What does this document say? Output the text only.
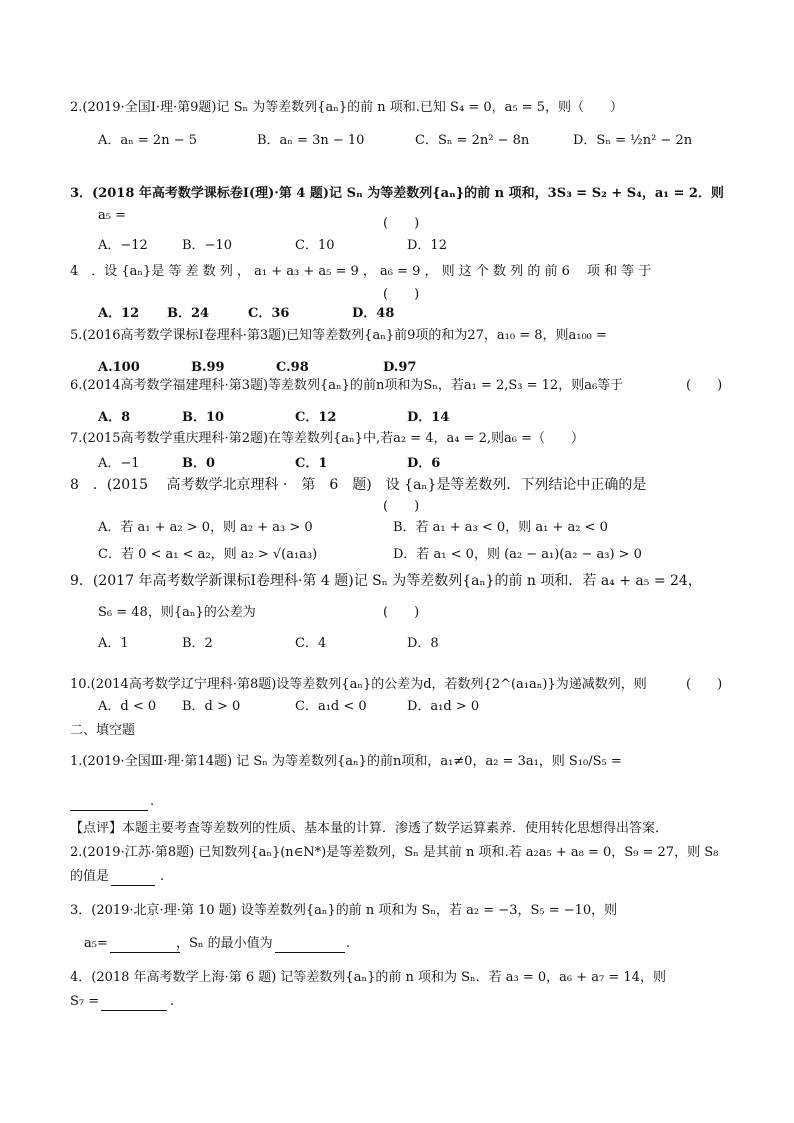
2.(2019·全国Ⅰ·理·第9题)记 Sₙ 为等差数列{aₙ}的前 n 项和.已知 S₄ = 0，a₅ = 5，则（　　）
A．aₙ = 2n − 5	B．aₙ = 3n − 10	C．Sₙ = 2n² − 8n	D．Sₙ = ½n² − 2n
3．(2018 年高考数学课标卷Ⅰ(理)·第 4 题)记 Sₙ 为等差数列{aₙ}的前 n 项和，3S₃ = S₂ + S₄，a₁ = 2．则
a₅ =
(　　)
A．−12	B．−10	C．10	D．12
4　．设 {aₙ}是 等 差 数 列 ， a₁ + a₃ + a₅ = 9 ， a₆ = 9 ， 则 这 个 数 列 的 前 6　 项 和 等 于
(　　)
A．12 B．24	C．36	D．48
5.(2016高考数学课标Ⅰ卷理科·第3题)已知等差数列{aₙ}前9项的和为27，a₁₀ = 8，则a₁₀₀ =
A.100	B.99	C.98	D.97
6.(2014高考数学福建理科·第3题)等差数列{aₙ}的前n项和为Sₙ，若a₁ = 2,S₃ = 12，则a₆等于	(　　)
A．8	B．10	C．12	D．14
7.(2015高考数学重庆理科·第2题)在等差数列{aₙ}中,若a₂ = 4，a₄ = 2,则a₆ =（　　）
A．−1	B．0	C．1	D．6
8　．(2015　 高考数学北京理科 ·　第　6　题)　设 {aₙ}是等差数列．下列结论中正确的是
(　　)
A．若 a₁ + a₂ > 0，则 a₂ + a₃ > 0	B．若 a₁ + a₃ < 0，则 a₁ + a₂ < 0
C．若 0 < a₁ < a₂，则 a₂ > √(a₁a₃)	D．若 a₁ < 0，则 (a₂ − a₁)(a₂ − a₃) > 0
9．(2017 年高考数学新课标Ⅰ卷理科·第 4 题)记 Sₙ 为等差数列{aₙ}的前 n 项和．若 a₄ + a₅ = 24，
S₆ = 48，则{aₙ}的公差为	(　　)
A．1	B．2	C．4	D．8
10.(2014高考数学辽宁理科·第8题)设等差数列{aₙ}的公差为d，若数列{2^(a₁aₙ)}为递减数列，则	(　　)
A．d < 0 B．d > 0	C．a₁d < 0	D．a₁d > 0
二、填空题
1.(2019·全国Ⅲ·理·第14题) 记 Sₙ 为等差数列{aₙ}的前n项和，a₁≠0，a₂ = 3a₁，则 S₁₀/S₅ =
.
【点评】本题主要考查等差数列的性质、基本量的计算．渗透了数学运算素养．使用转化思想得出答案．
2.(2019·江苏·第8题) 已知数列{aₙ}(n∈N*)是等差数列，Sₙ 是其前 n 项和.若 a₂a₅ + a₈ = 0，S₉ = 27，则 S₈
的值是	.
3．(2019·北京·理·第 10 题) 设等差数列{aₙ}的前 n 项和为 Sₙ，若 a₂ = −3，S₅ = −10，则
a₅=	，Sₙ 的最小值为	.
4．(2018 年高考数学上海·第 6 题) 记等差数列{aₙ}的前 n 项和为 Sₙ．若 a₃ = 0，a₆ + a₇ = 14，则
S₇ =	.
